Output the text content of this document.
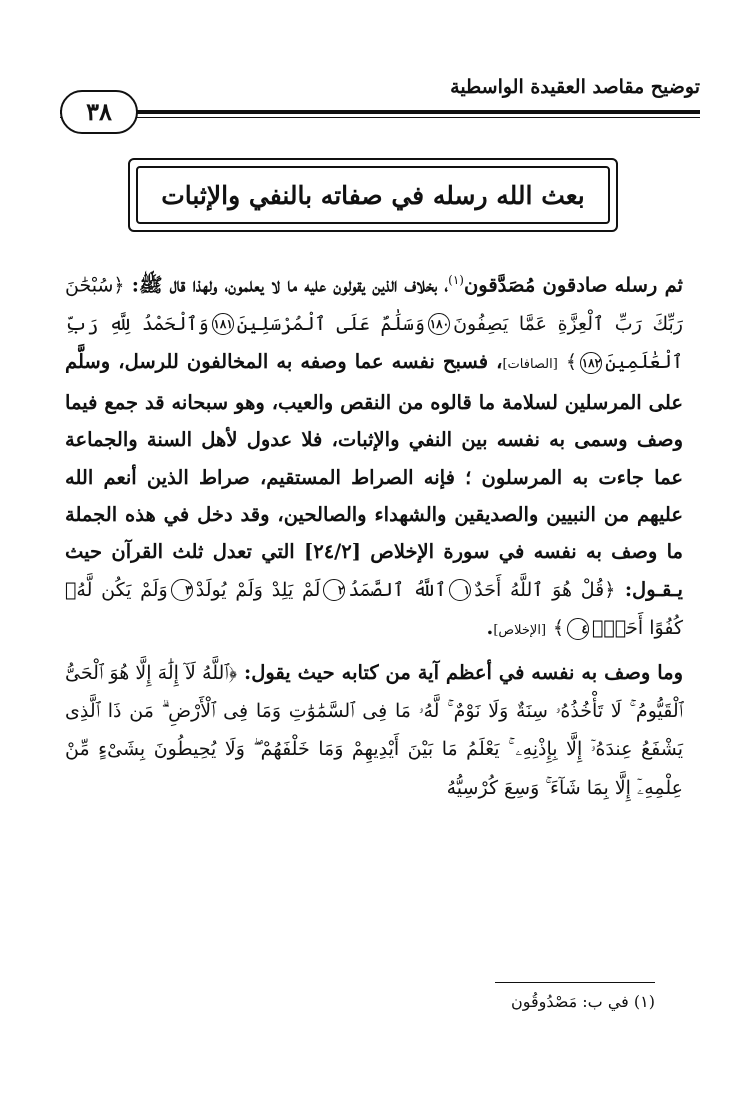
توضيح مقاصد العقيدة الواسطية
٣٨
بعث الله رسله في صفاته بالنفي والإثبات

ثم رسله صادقون مُصَدَّقون$^{(١)}$، بخلاف الذين يقولون عليه ما لا يعلمون، ولهذا قال ﷺ: ﴿سُبْحَٰنَ رَبِّكَ رَبِّ ٱلْعِزَّةِ عَمَّا يَصِفُونَ١٨٠وَسَلَٰمٌ عَلَى ٱلْمُرْسَلِينَ١٨١وَٱلْحَمْدُ لِلَّهِ رَبِّ ٱلْعَٰلَمِينَ١٨٢﴾ [الصافات]، فسبح نفسه عما وصفه به المخالفون للرسل، وسلَّم على المرسلين لسلامة ما قالوه من النقص والعيب، وهو سبحانه قد جمع فيما وصف وسمى به نفسه بين النفي والإثبات، فلا عدول لأهل السنة والجماعة عما جاءت به المرسلون ؛ فإنه الصراط المستقيم، صراط الذين أنعم الله عليهم من النبيين والصديقين والشهداء والصالحين، وقد دخل في هذه الجملة ما وصف به نفسه في سورة الإخلاص [٢٤/٢] التي تعدل ثلث القرآن حيث يـقـول: ﴿قُلْ هُوَ ٱللَّهُ أَحَدٌ١ٱللَّهُ ٱلصَّمَدُ٢لَمْ يَلِدْ وَلَمْ يُولَدْ٣وَلَمْ يَكُن لَّهُۥ كُفُوًا أَحَدٌۢ٤﴾ [الإخلاص].

وما وصف به نفسه في أعظم آية من كتابه حيث يقول: ﴿ٱللَّهُ لَآ إِلَٰهَ إِلَّا هُوَ ٱلْحَىُّ ٱلْقَيُّومُ ۚ لَا تَأْخُذُهُۥ سِنَةٌ وَلَا نَوْمٌ ۚ لَّهُۥ مَا فِى ٱلسَّمَٰوَٰتِ وَمَا فِى ٱلْأَرْضِ ۗ مَن ذَا ٱلَّذِى يَشْفَعُ عِندَهُۥٓ إِلَّا بِإِذْنِهِۦ ۚ يَعْلَمُ مَا بَيْنَ أَيْدِيهِمْ وَمَا خَلْفَهُمْ ۖ وَلَا يُحِيطُونَ بِشَىْءٍ مِّنْ عِلْمِهِۦٓ إِلَّا بِمَا شَآءَ ۚ وَسِعَ كُرْسِيُّهُ

(١) في ب: مَصْدُوقُون
